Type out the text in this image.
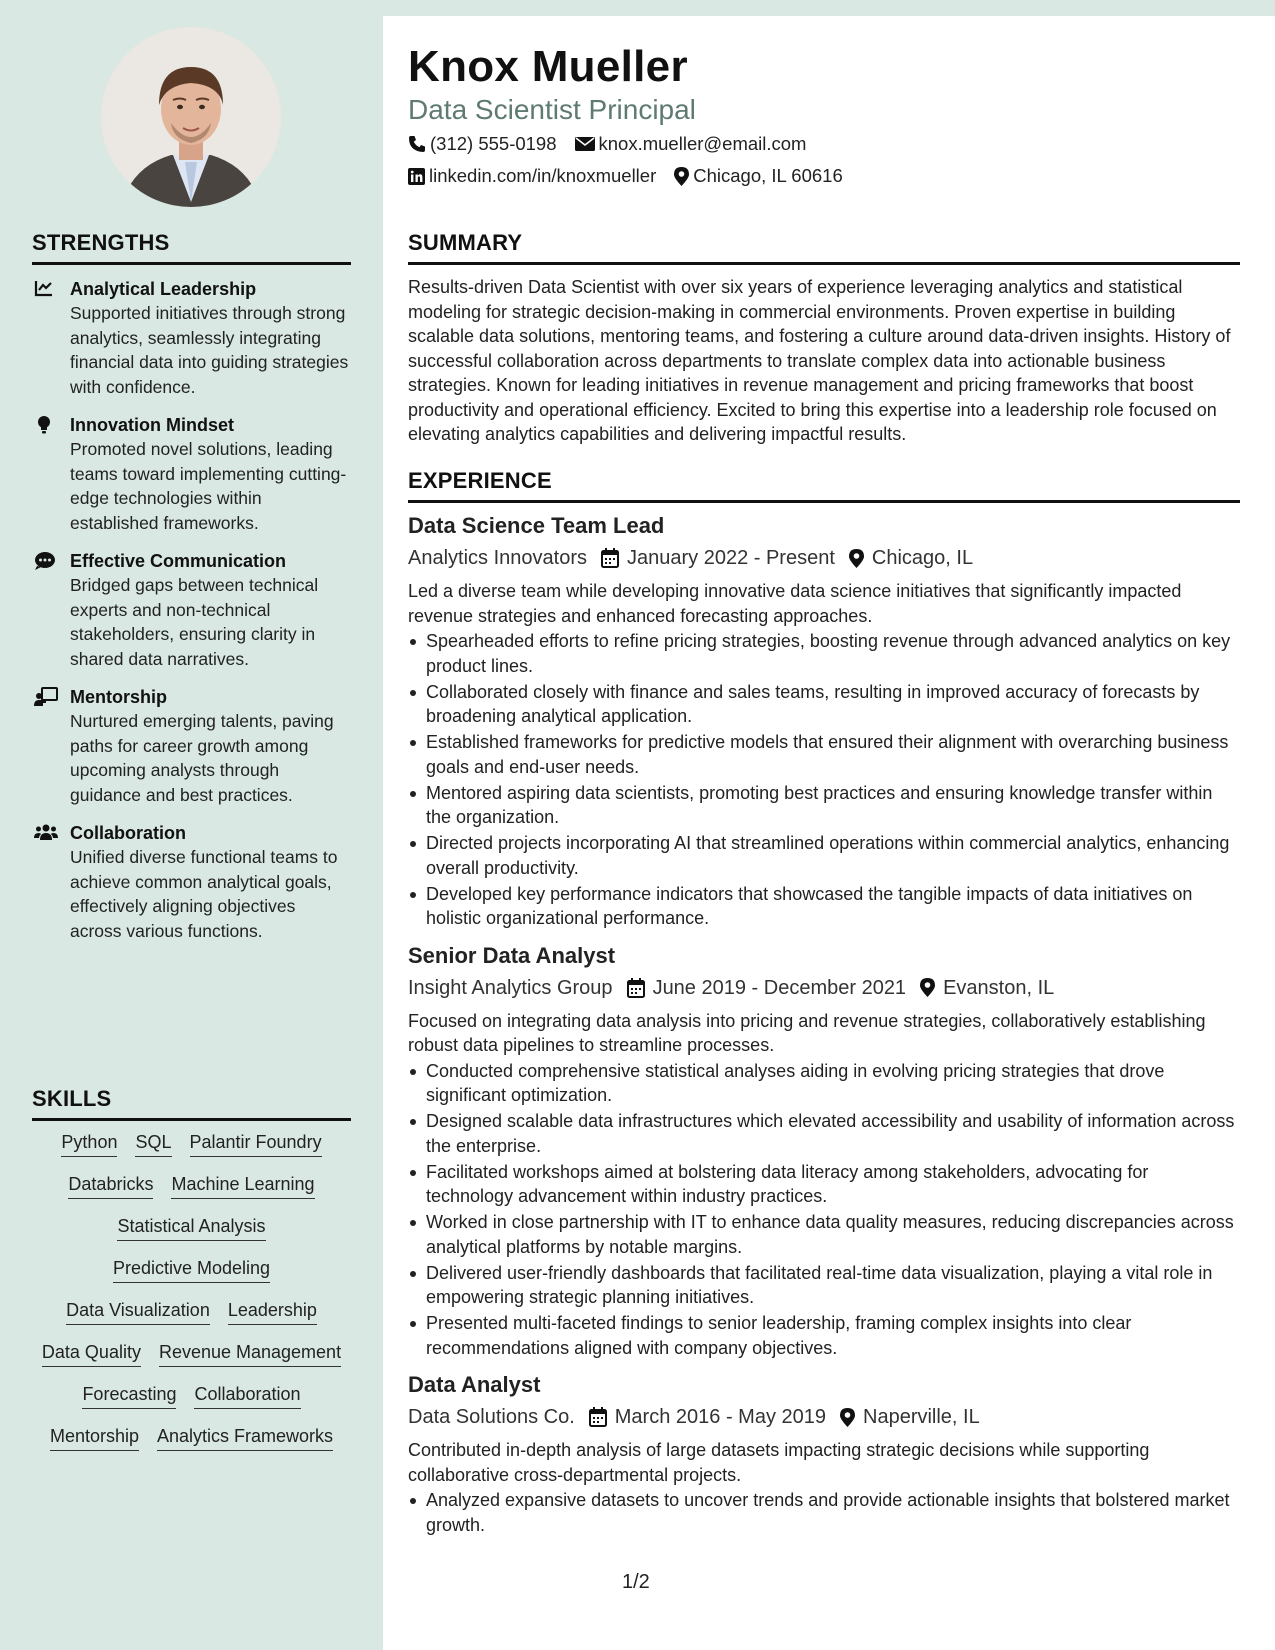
STRENGTHS
Analytical Leadership
Supported initiatives through strong analytics, seamlessly integrating financial data into guiding strategies with confidence.
Innovation Mindset
Promoted novel solutions, leading teams toward implementing cutting-edge technologies within established frameworks.
Effective Communication
Bridged gaps between technical experts and non-technical stakeholders, ensuring clarity in shared data narratives.
Mentorship
Nurtured emerging talents, paving paths for career growth among upcoming analysts through guidance and best practices.
Collaboration
Unified diverse functional teams to achieve common analytical goals, effectively aligning objectives across various functions.
SKILLS
Python SQL Palantir Foundry
Databricks Machine Learning
Statistical Analysis
Predictive Modeling
Data Visualization Leadership
Data Quality Revenue Management
Forecasting Collaboration
Mentorship Analytics Frameworks
Knox Mueller
Data Scientist Principal
(312) 555-0198 knox.mueller@email.com
linkedin.com/in/knoxmueller Chicago, IL 60616
SUMMARY
Results-driven Data Scientist with over six years of experience leveraging analytics and statistical modeling for strategic decision-making in commercial environments. Proven expertise in building scalable data solutions, mentoring teams, and fostering a culture around data-driven insights. History of successful collaboration across departments to translate complex data into actionable business strategies. Known for leading initiatives in revenue management and pricing frameworks that boost productivity and operational efficiency. Excited to bring this expertise into a leadership role focused on elevating analytics capabilities and delivering impactful results.
EXPERIENCE
Data Science Team Lead
Analytics Innovators January 2022 - Present Chicago, IL
Led a diverse team while developing innovative data science initiatives that significantly impacted revenue strategies and enhanced forecasting approaches.
Spearheaded efforts to refine pricing strategies, boosting revenue through advanced analytics on key product lines.
Collaborated closely with finance and sales teams, resulting in improved accuracy of forecasts by broadening analytical application.
Established frameworks for predictive models that ensured their alignment with overarching business goals and end-user needs.
Mentored aspiring data scientists, promoting best practices and ensuring knowledge transfer within the organization.
Directed projects incorporating AI that streamlined operations within commercial analytics, enhancing overall productivity.
Developed key performance indicators that showcased the tangible impacts of data initiatives on holistic organizational performance.
Senior Data Analyst
Insight Analytics Group June 2019 - December 2021 Evanston, IL
Focused on integrating data analysis into pricing and revenue strategies, collaboratively establishing robust data pipelines to streamline processes.
Conducted comprehensive statistical analyses aiding in evolving pricing strategies that drove significant optimization.
Designed scalable data infrastructures which elevated accessibility and usability of information across the enterprise.
Facilitated workshops aimed at bolstering data literacy among stakeholders, advocating for technology advancement within industry practices.
Worked in close partnership with IT to enhance data quality measures, reducing discrepancies across analytical platforms by notable margins.
Delivered user-friendly dashboards that facilitated real-time data visualization, playing a vital role in empowering strategic planning initiatives.
Presented multi-faceted findings to senior leadership, framing complex insights into clear recommendations aligned with company objectives.
Data Analyst
Data Solutions Co. March 2016 - May 2019 Naperville, IL
Contributed in-depth analysis of large datasets impacting strategic decisions while supporting collaborative cross-departmental projects.
Analyzed expansive datasets to uncover trends and provide actionable insights that bolstered market growth.
1/2
